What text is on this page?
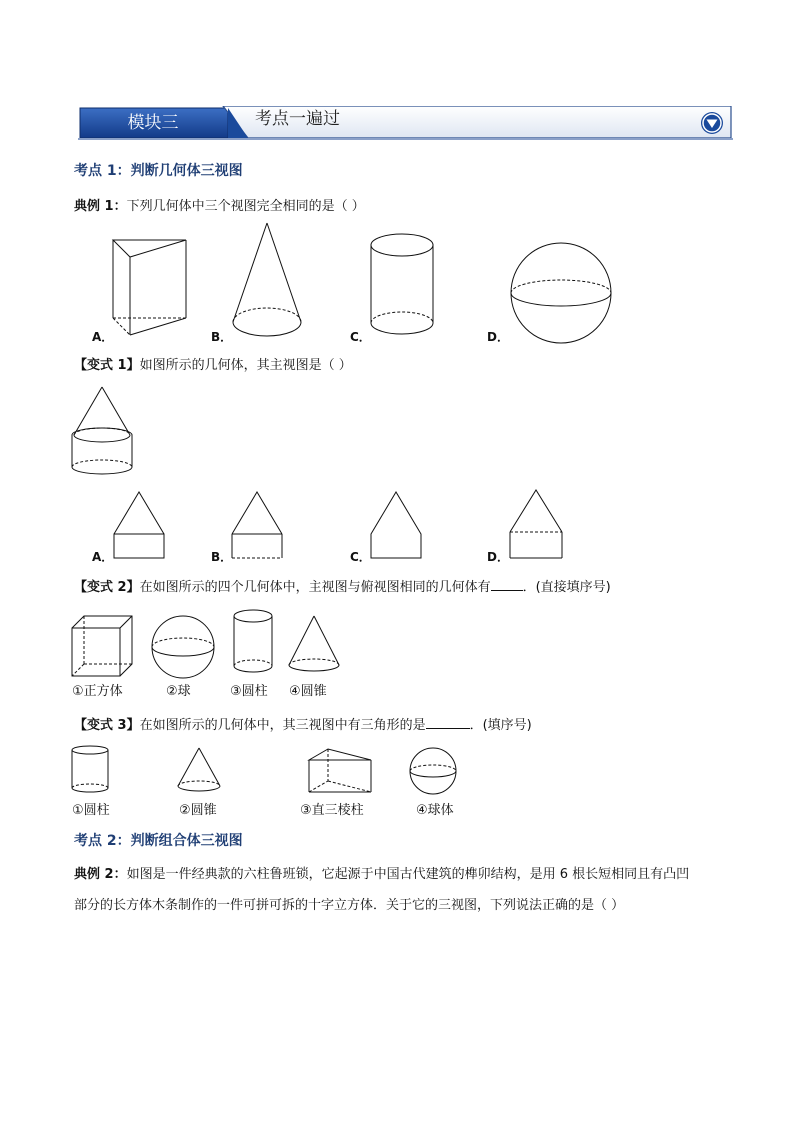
模块三	考点一遍过
考点 1：判断几何体三视图
典例 1：下列几何体中三个视图完全相同的是（ ）
A．	B．	C．	D．
【变式 1】如图所示的几何体，其主视图是（ ）
A．	B．	C．	D．
【变式 2】在如图所示的四个几何体中，主视图与俯视图相同的几何体有 ．(直接填序号)
①正方体	②球	③圆柱 ④圆锥
【变式 3】在如图所示的几何体中，其三视图中有三角形的是	．(填序号)
①圆柱	②圆锥	③直三棱柱	④球体
考点 2：判断组合体三视图
典例 2：如图是一件经典款的六柱鲁班锁，它起源于中国古代建筑的榫卯结构，是用 6 根长短相同且有凸凹
部分的长方体木条制作的一件可拼可拆的十字立方体．关于它的三视图，下列说法正确的是（ ）
